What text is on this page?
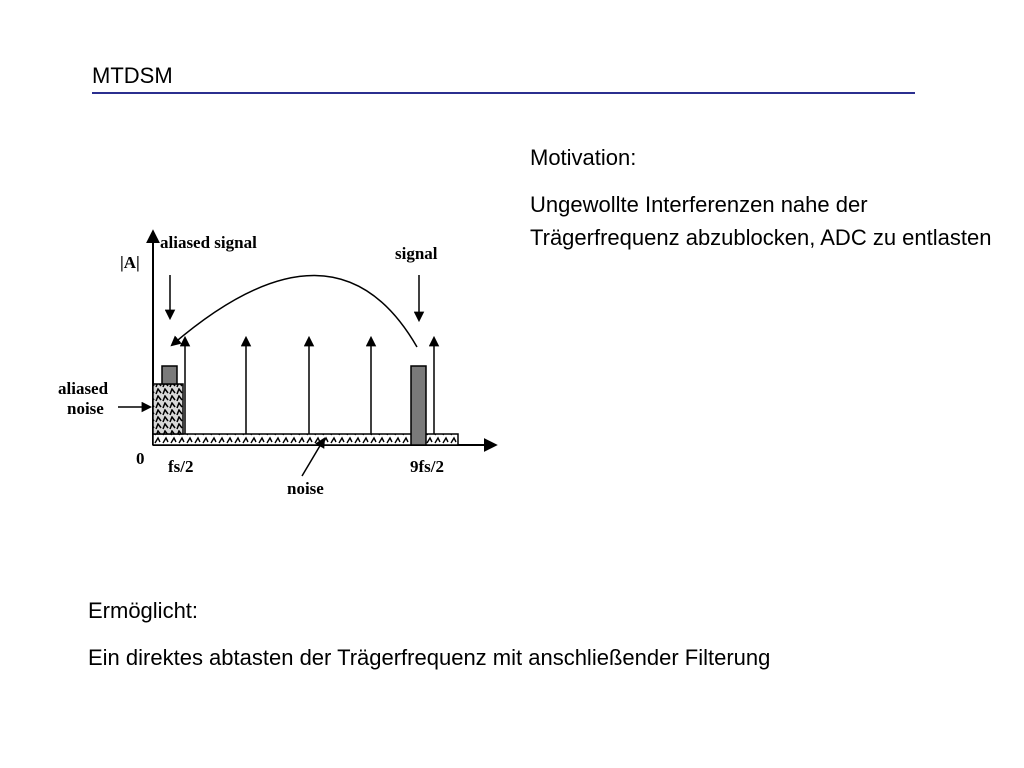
MTDSM

Motivation:

Ungewollte Interferenzen nahe der Trägerfrequenz abzublocken, ADC zu entlasten

Ermöglicht:

Ein direktes abtasten der Trägerfrequenz mit anschließender Filterung

|A|
0
aliased signal
signal
aliased
noise
fs/2	9fs/2
noise
